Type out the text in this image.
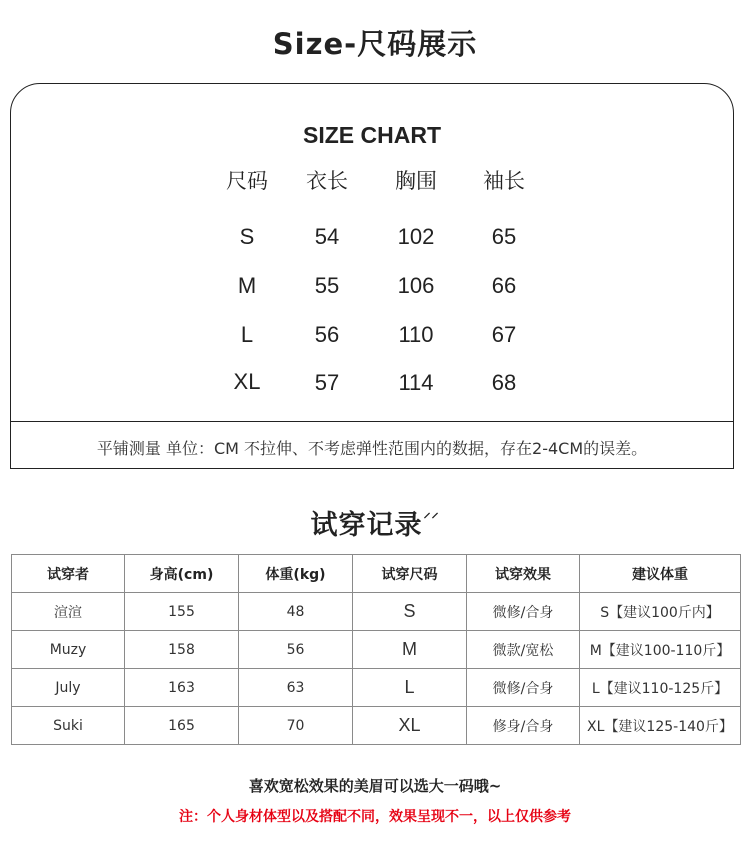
Size-尺码展示
SIZE CHART
尺码	衣长	胸围	袖长
S	54	102	65
M	55	106	66
L	56	110	67
XL	57	114	68
平铺测量 单位：CM 不拉伸、不考虑弹性范围内的数据，存在2-4CM的误差。
试穿记录⸝⸝
试穿者	身高(cm)	体重(kg)	试穿尺码	试穿效果	建议体重
渲渲	155	48	S	微修/合身	S【建议100斤内】
Muzy	158	56	M	微款/宽松	M【建议100-110斤】
July	163	63	L	微修/合身	L【建议110-125斤】
Suki	165	70	XL	修身/合身	XL【建议125-140斤】
喜欢宽松效果的美眉可以选大一码哦~
注：个人身材体型以及搭配不同，效果呈现不一，以上仅供参考
